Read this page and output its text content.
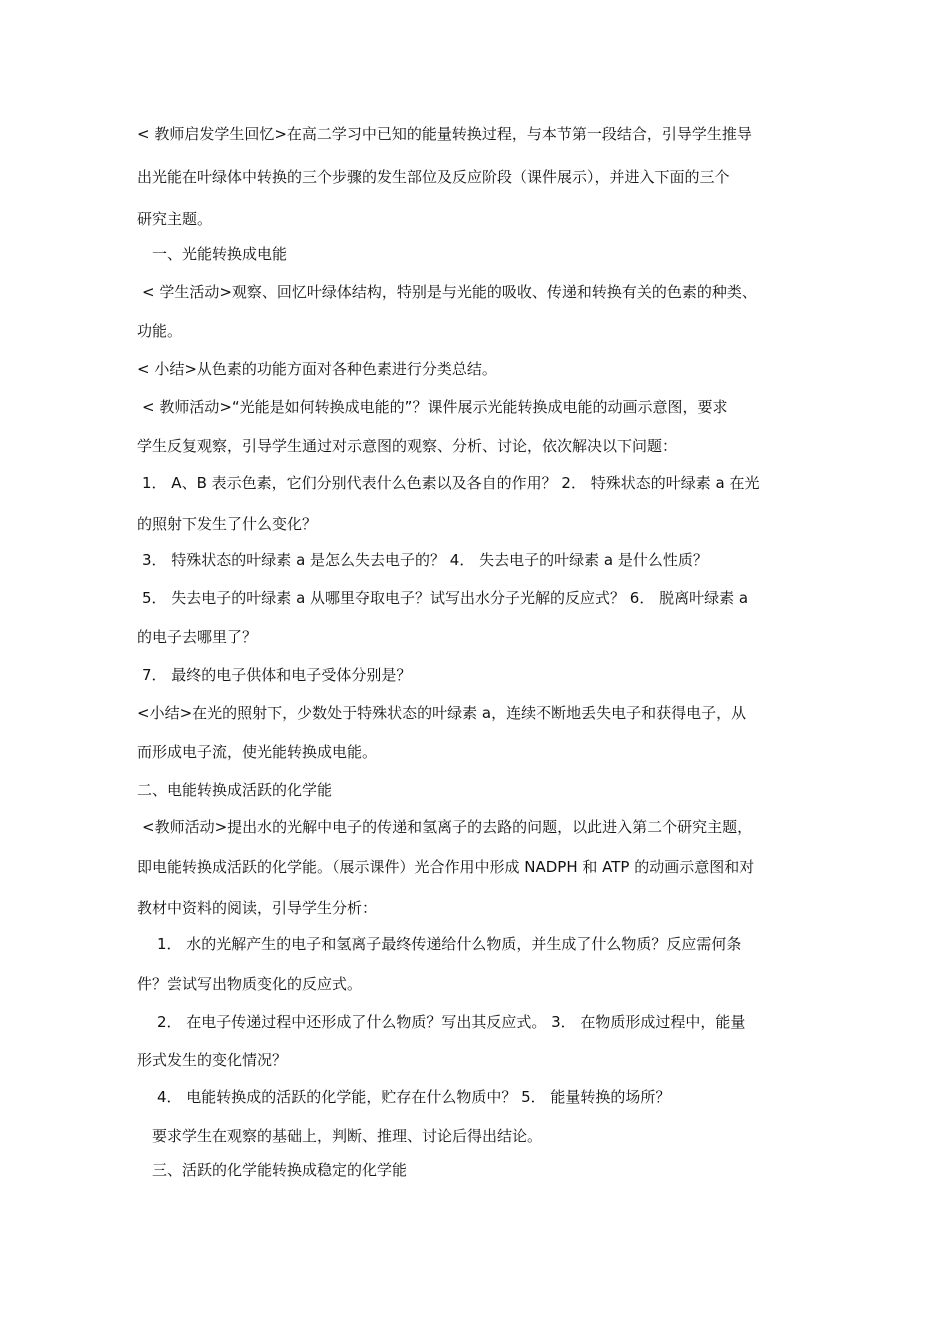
< 教师启发学生回忆>在高二学习中已知的能量转换过程，与本节第一段结合，引导学生推导
出光能在叶绿体中转换的三个步骤的发生部位及反应阶段（课件展示），并进入下面的三个
研究主题。
一、光能转换成电能
< 学生活动>观察、回忆叶绿体结构，特别是与光能的吸收、传递和转换有关的色素的种类、
功能。
< 小结>从色素的功能方面对各种色素进行分类总结。
< 教师活动>“光能是如何转换成电能的”？课件展示光能转换成电能的动画示意图，要求
学生反复观察，引导学生通过对示意图的观察、分析、讨论，依次解决以下问题：
1． A、B 表示色素，它们分别代表什么色素以及各自的作用？ 2． 特殊状态的叶绿素 a 在光
的照射下发生了什么变化？
3． 特殊状态的叶绿素 a 是怎么失去电子的？ 4． 失去电子的叶绿素 a 是什么性质？
5． 失去电子的叶绿素 a 从哪里夺取电子？试写出水分子光解的反应式？ 6． 脱离叶绿素 a
的电子去哪里了？
7． 最终的电子供体和电子受体分别是？
<小结>在光的照射下，少数处于特殊状态的叶绿素 a，连续不断地丢失电子和获得电子，从
而形成电子流，使光能转换成电能。
二、电能转换成活跃的化学能
<教师活动>提出水的光解中电子的传递和氢离子的去路的问题，以此进入第二个研究主题，
即电能转换成活跃的化学能。（展示课件）光合作用中形成 NADPH 和 ATP 的动画示意图和对
教材中资料的阅读，引导学生分析：
1． 水的光解产生的电子和氢离子最终传递给什么物质，并生成了什么物质？反应需何条
件？尝试写出物质变化的反应式。
2． 在电子传递过程中还形成了什么物质？写出其反应式。 3． 在物质形成过程中，能量
形式发生的变化情况？
4． 电能转换成的活跃的化学能，贮存在什么物质中？ 5． 能量转换的场所？
要求学生在观察的基础上，判断、推理、讨论后得出结论。
三、活跃的化学能转换成稳定的化学能
